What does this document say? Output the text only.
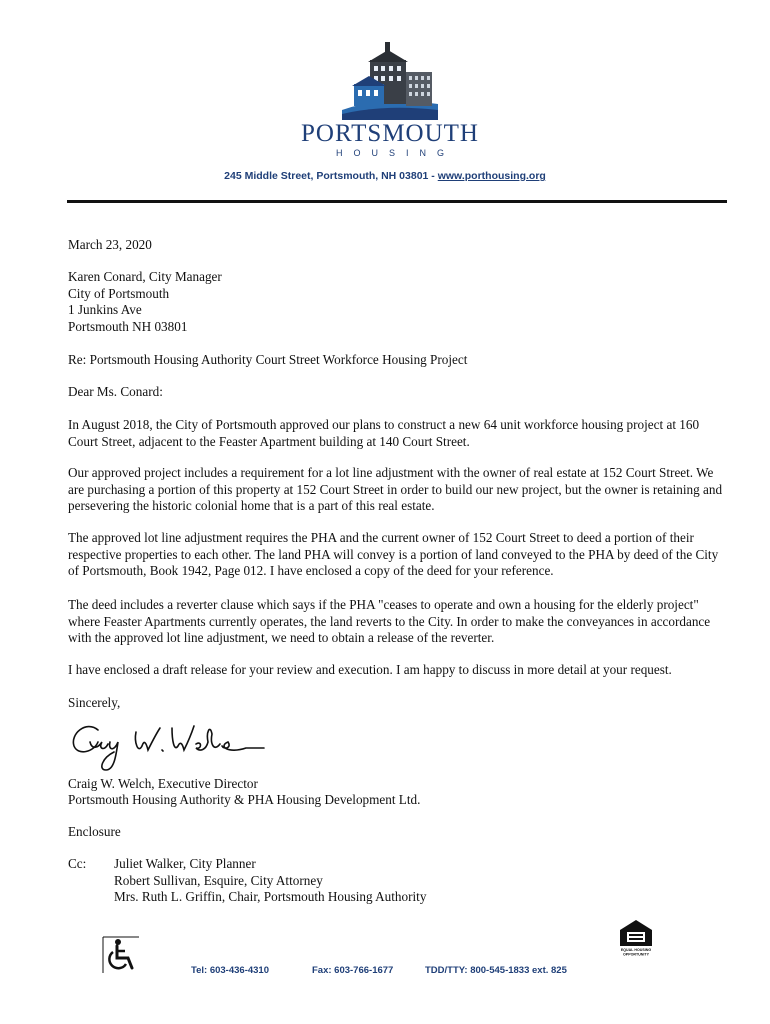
PORTSMOUTH
HOUSING
245 Middle Street, Portsmouth, NH 03801 - www.porthousing.org
March 23, 2020
Karen Conard, City Manager
City of Portsmouth
1 Junkins Ave
Portsmouth NH 03801
Re: Portsmouth Housing Authority Court Street Workforce Housing Project
Dear Ms. Conard:
In August 2018, the City of Portsmouth approved our plans to construct a new 64 unit workforce housing project at 160 Court Street, adjacent to the Feaster Apartment building at 140 Court Street.
Our approved project includes a requirement for a lot line adjustment with the owner of real estate at 152 Court Street. We are purchasing a portion of this property at 152 Court Street in order to build our new project, but the owner is retaining and persevering the historic colonial home that is a part of this real estate.
The approved lot line adjustment requires the PHA and the current owner of 152 Court Street to deed a portion of their respective properties to each other. The land PHA will convey is a portion of land conveyed to the PHA by deed of the City of Portsmouth, Book 1942, Page 012. I have enclosed a copy of the deed for your reference.
The deed includes a reverter clause which says if the PHA "ceases to operate and own a housing for the elderly project" where Feaster Apartments currently operates, the land reverts to the City. In order to make the conveyances in accordance with the approved lot line adjustment, we need to obtain a release of the reverter.
I have enclosed a draft release for your review and execution. I am happy to discuss in more detail at your request.
Sincerely,
Craig W. Welch, Executive Director
Portsmouth Housing Authority & PHA Housing Development Ltd.
Enclosure
Cc: Juliet Walker, City Planner
Robert Sullivan, Esquire, City Attorney
Mrs. Ruth L. Griffin, Chair, Portsmouth Housing Authority
EQUAL HOUSING
OPPORTUNITY
Tel: 603-436-4310	Fax: 603-766-1677	TDD/TTY: 800-545-1833 ext. 825
